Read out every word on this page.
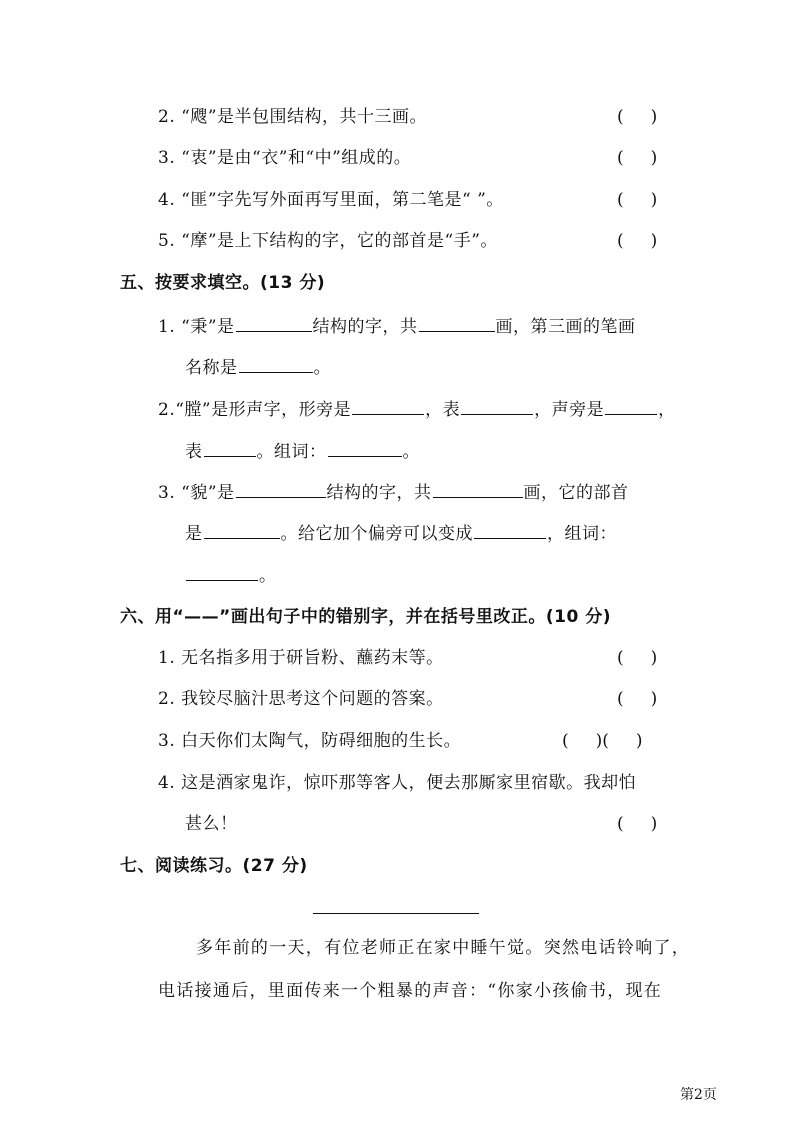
2. “飕”是半包围结构，共十三画。	(     )
3. “衷”是由“衣”和“中”组成的。	(     )
4. “匪”字先写外面再写里面，第二笔是“ ”。	(     )
5. “摩”是上下结构的字，它的部首是“手”。	(     )
五、按要求填空。(13 分)
1. “秉”是	结构的字，共	画，第三画的笔画
名称是	。
2.“膛”是形声字，形旁是	，表	，声旁是	，
表	。组词：	。
3. “貌”是	结构的字，共	画，它的部首
是	。给它加个偏旁可以变成	，组词：
。
六、用“——”画出句子中的错别字，并在括号里改正。(10 分)
1. 无名指多用于研旨粉、蘸药末等。	(     )
2. 我铰尽脑汁思考这个问题的答案。	(     )
3. 白天你们太陶气，防碍细胞的生长。	(     )(     )
4. 这是酒家鬼诈，惊吓那等客人，便去那厮家里宿歇。我却怕
甚么！	(     )
七、阅读练习。(27 分)
多年前的一天，有位老师正在家中睡午觉。突然电话铃响了，
电话接通后，里面传来一个粗暴的声音：“你家小孩偷书，现在
第2页
